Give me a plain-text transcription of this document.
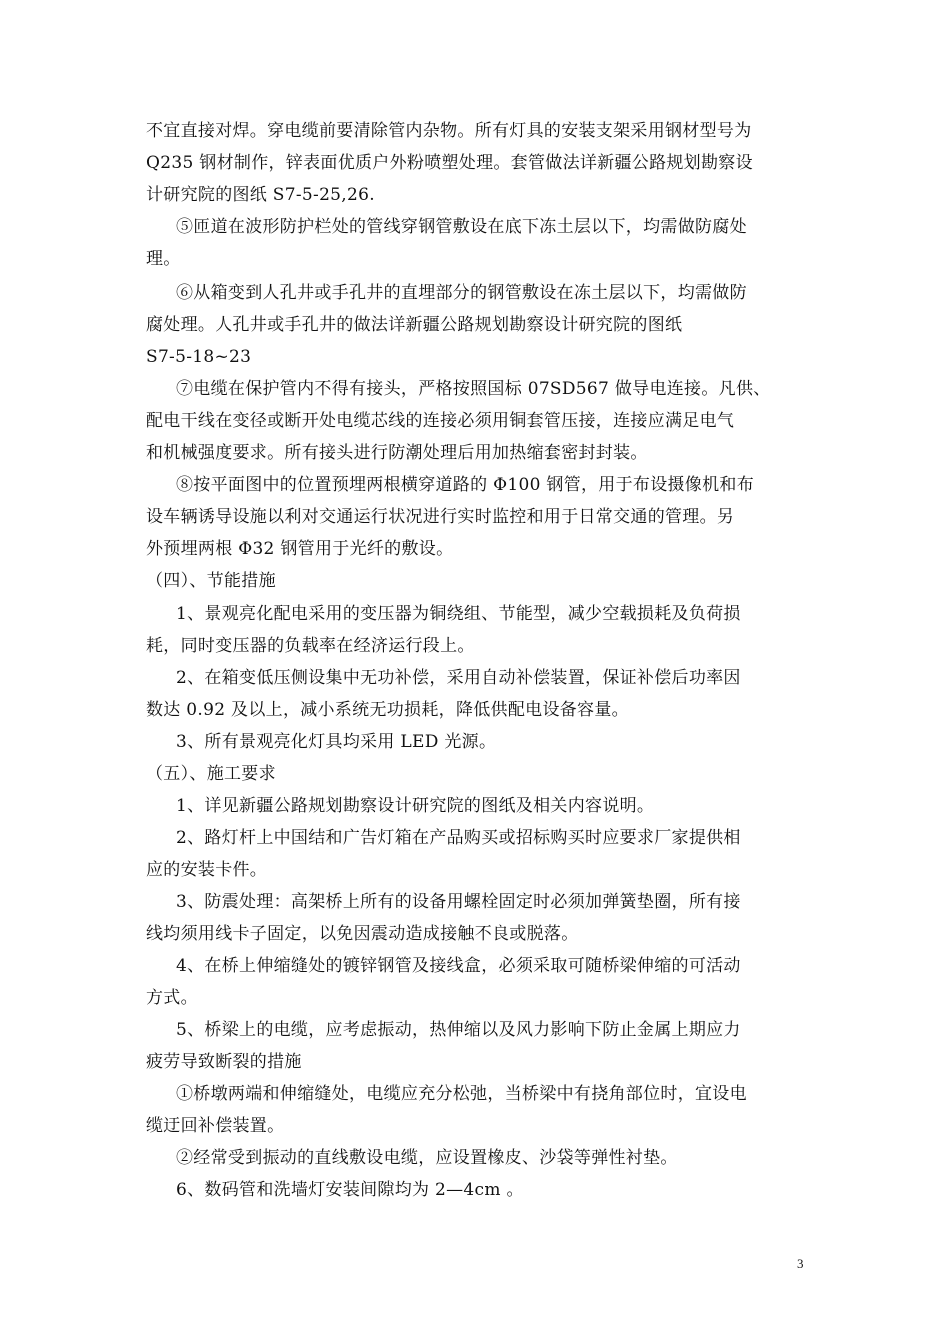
不宜直接对焊。穿电缆前要清除管内杂物。所有灯具的安装支架采用钢材型号为
Q235 钢材制作，锌表面优质户外粉喷塑处理。套管做法详新疆公路规划勘察设
计研究院的图纸 S7-5-25,26.
⑤匝道在波形防护栏处的管线穿钢管敷设在底下冻土层以下，均需做防腐处
理。
⑥从箱变到人孔井或手孔井的直埋部分的钢管敷设在冻土层以下，均需做防
腐处理。人孔井或手孔井的做法详新疆公路规划勘察设计研究院的图纸
S7-5-18~23
⑦电缆在保护管内不得有接头，严格按照国标 07SD567 做导电连接。凡供、
配电干线在变径或断开处电缆芯线的连接必须用铜套管压接，连接应满足电气
和机械强度要求。所有接头进行防潮处理后用加热缩套密封封装。
⑧按平面图中的位置预埋两根横穿道路的 Φ100 钢管，用于布设摄像机和布
设车辆诱导设施以利对交通运行状况进行实时监控和用于日常交通的管理。另
外预埋两根 Φ32 钢管用于光纤的敷设。
（四）、节能措施
1、景观亮化配电采用的变压器为铜绕组、节能型，减少空载损耗及负荷损
耗，同时变压器的负载率在经济运行段上。
2、在箱变低压侧设集中无功补偿，采用自动补偿装置，保证补偿后功率因
数达 0.92 及以上，减小系统无功损耗，降低供配电设备容量。
3、所有景观亮化灯具均采用 LED 光源。
（五）、施工要求
1、详见新疆公路规划勘察设计研究院的图纸及相关内容说明。
2、路灯杆上中国结和广告灯箱在产品购买或招标购买时应要求厂家提供相
应的安装卡件。
3、防震处理：高架桥上所有的设备用螺栓固定时必须加弹簧垫圈，所有接
线均须用线卡子固定，以免因震动造成接触不良或脱落。
4、在桥上伸缩缝处的镀锌钢管及接线盒，必须采取可随桥梁伸缩的可活动
方式。
5、桥梁上的电缆，应考虑振动，热伸缩以及风力影响下防止金属上期应力
疲劳导致断裂的措施
①桥墩两端和伸缩缝处，电缆应充分松弛，当桥梁中有挠角部位时，宜设电
缆迂回补偿装置。
②经常受到振动的直线敷设电缆，应设置橡皮、沙袋等弹性衬垫。
6、数码管和洗墙灯安装间隙均为 2—4cm 。
3
